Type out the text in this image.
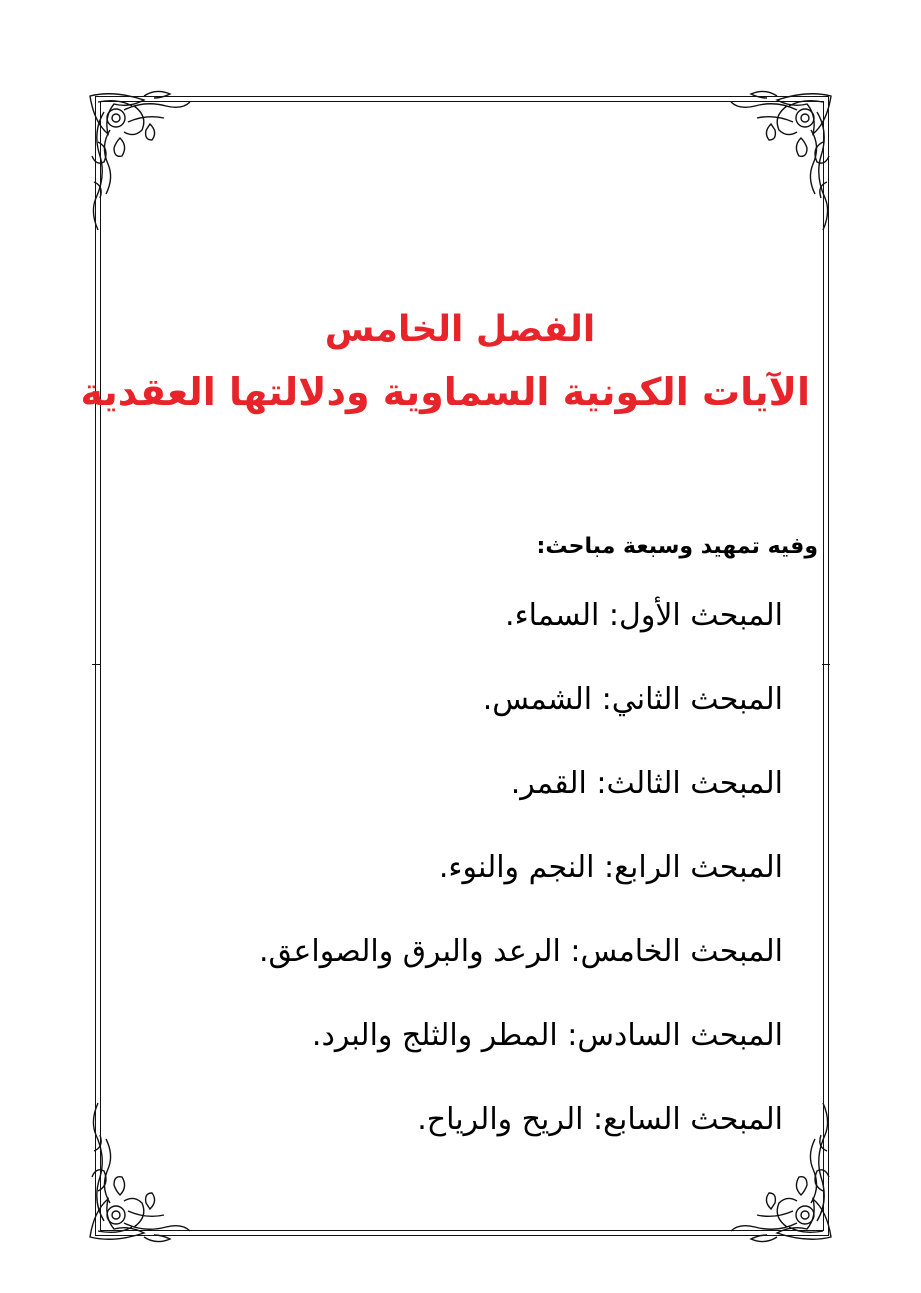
الفصل الخامس
الآيات الكونية السماوية ودلالتها العقدية
وفيه تمهيد وسبعة مباحث:
المبحث الأول: السماء.
المبحث الثاني: الشمس.
المبحث الثالث: القمر.
المبحث الرابع: النجم والنوء.
المبحث الخامس: الرعد والبرق والصواعق.
المبحث السادس: المطر والثلج والبرد.
المبحث السابع: الريح والرياح.
